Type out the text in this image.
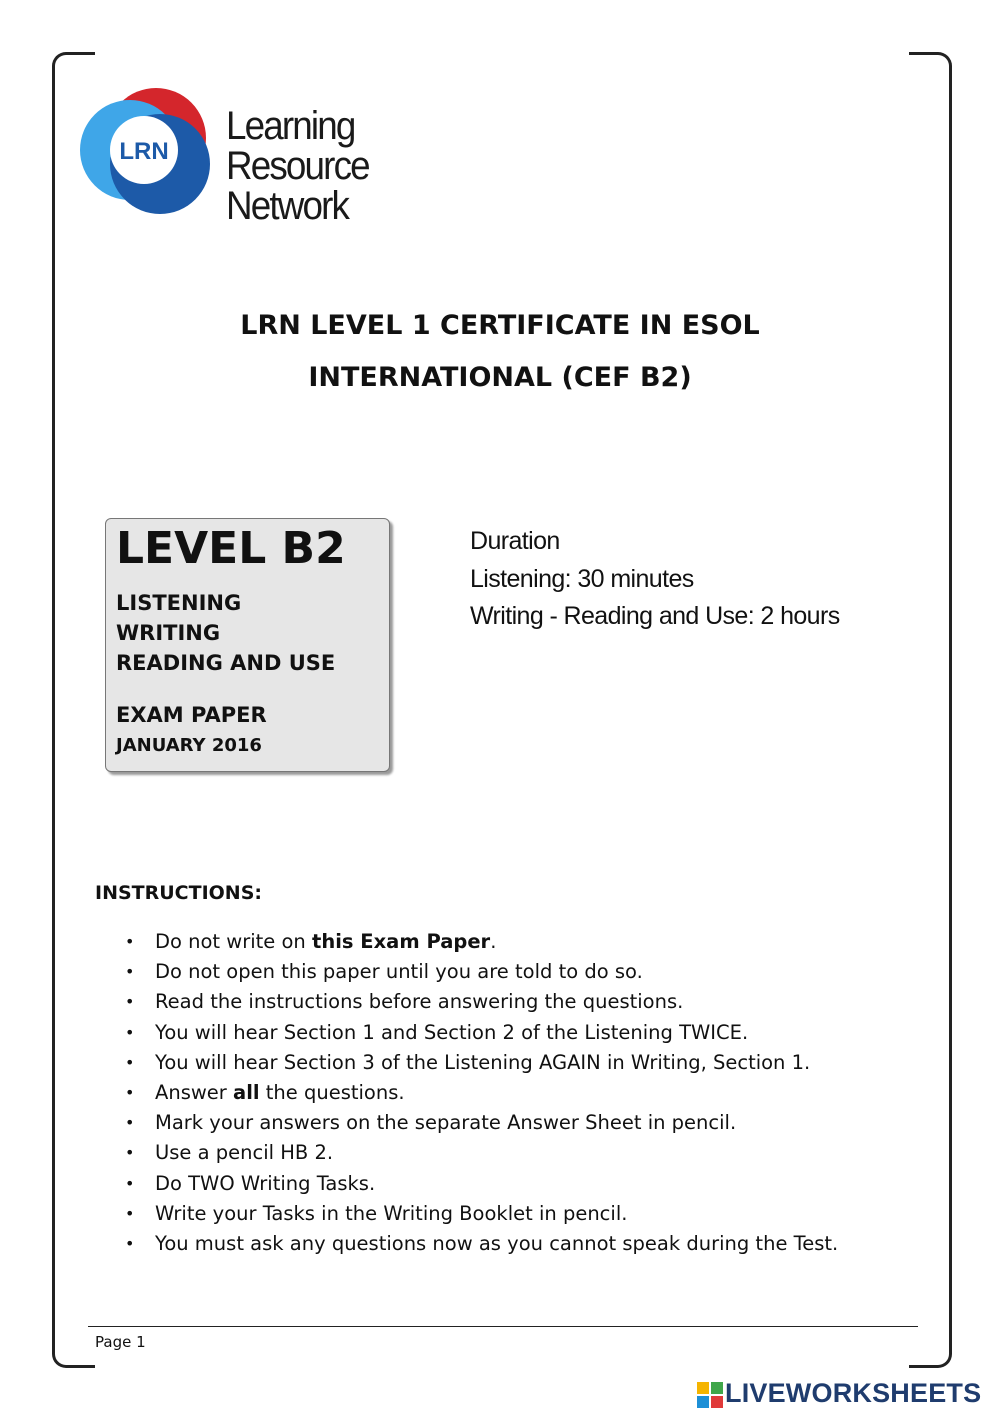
LRN
Learning
Resource Network
LRN LEVEL 1 CERTIFICATE IN ESOL
INTERNATIONAL (CEF B2)
LEVEL B2
LISTENING
WRITING
READING AND USE
EXAM PAPER
JANUARY 2016
Duration
Listening: 30 minutes
Writing - Reading and Use: 2 hours
INSTRUCTIONS:
• Do not write on this Exam Paper.
• Do not open this paper until you are told to do so.
• Read the instructions before answering the questions.
• You will hear Section 1 and Section 2 of the Listening TWICE.
• You will hear Section 3 of the Listening AGAIN in Writing, Section 1.
• Answer all the questions.
• Mark your answers on the separate Answer Sheet in pencil.
• Use a pencil HB 2.
• Do TWO Writing Tasks.
• Write your Tasks in the Writing Booklet in pencil.
• You must ask any questions now as you cannot speak during the Test.
Page 1
LIVEWORKSHEETS
